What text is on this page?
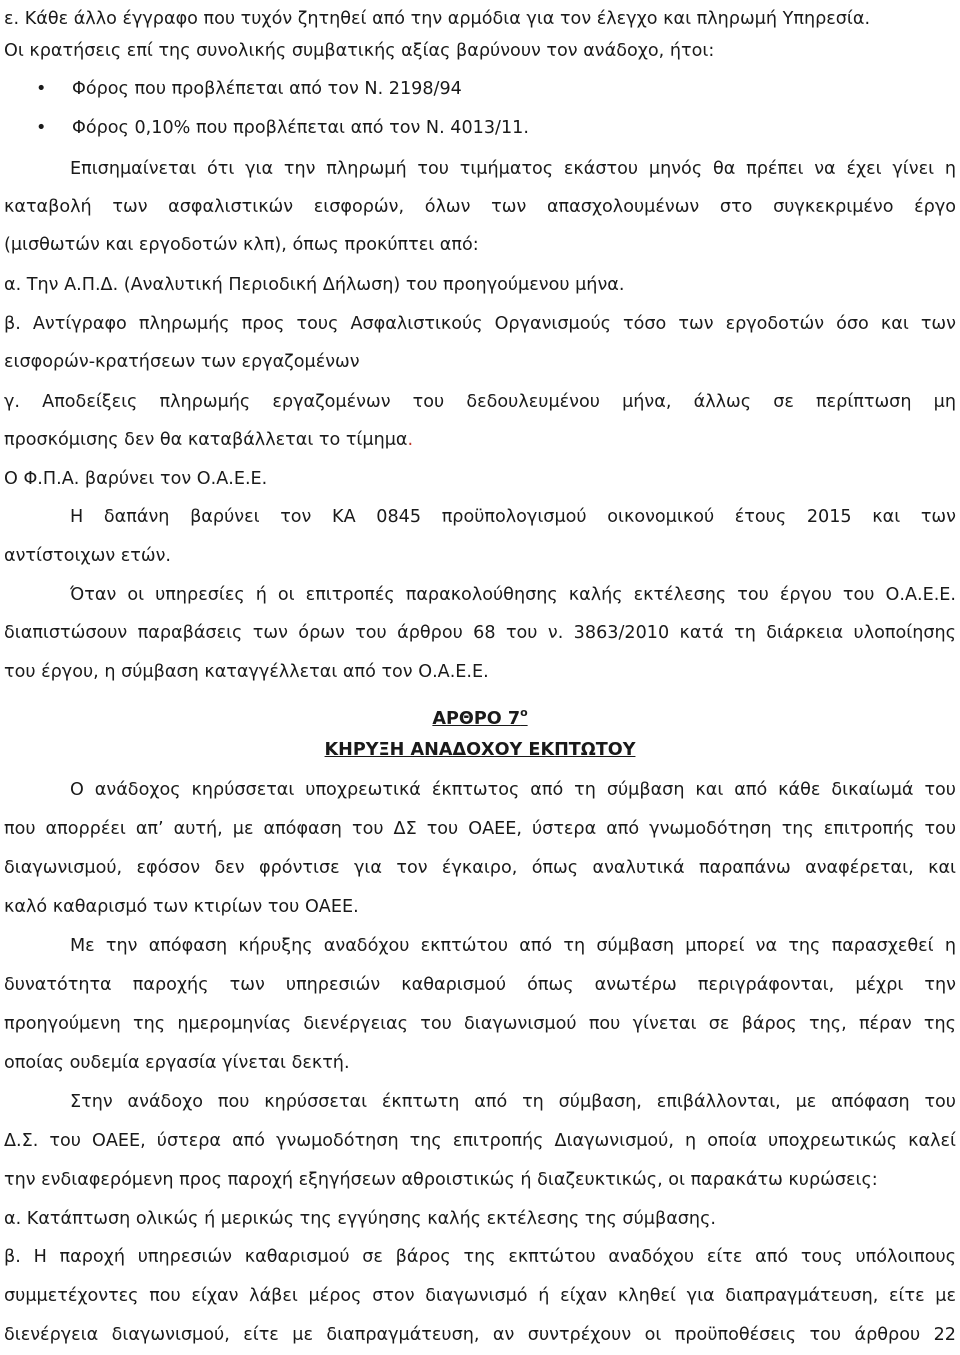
ε. Κάθε άλλο έγγραφο που τυχόν ζητηθεί από την αρμόδια για τον έλεγχο και πληρωμή Υπηρεσία.
Οι κρατήσεις επί της συνολικής συμβατικής αξίας βαρύνουν τον ανάδοχο, ήτοι:
• Φόρος που προβλέπεται από τον Ν. 2198/94
• Φόρος 0,10% που προβλέπεται από τον Ν. 4013/11.
Επισημαίνεται ότι για την πληρωμή του τιμήματος εκάστου μηνός θα πρέπει να έχει γίνει η
καταβολή των ασφαλιστικών εισφορών, όλων των απασχολουμένων στο συγκεκριμένο έργο
(μισθωτών και εργοδοτών κλπ), όπως προκύπτει από:
α. Την Α.Π.Δ. (Αναλυτική Περιοδική Δήλωση) του προηγούμενου μήνα.
β. Αντίγραφο πληρωμής προς τους Ασφαλιστικούς Οργανισμούς τόσο των εργοδοτών όσο και των
εισφορών-κρατήσεων των εργαζομένων
γ. Αποδείξεις πληρωμής εργαζομένων του δεδουλευμένου μήνα, άλλως σε περίπτωση μη
προσκόμισης δεν θα καταβάλλεται το τίμημα.
Ο Φ.Π.Α. βαρύνει τον Ο.Α.Ε.Ε.
Η δαπάνη βαρύνει τον ΚΑ 0845 προϋπολογισμού οικονομικού έτους 2015 και των
αντίστοιχων ετών.
Όταν οι υπηρεσίες ή οι επιτροπές παρακολούθησης καλής εκτέλεσης του έργου του Ο.Α.Ε.Ε.
διαπιστώσουν παραβάσεις των όρων του άρθρου 68 του ν. 3863/2010 κατά τη διάρκεια υλοποίησης
του έργου, η σύμβαση καταγγέλλεται από τον Ο.Α.Ε.Ε.
ΑΡΘΡΟ $7^o$
ΚΗΡΥΞΗ ΑΝΑΔΟΧΟΥ ΕΚΠΤΩΤΟΥ
Ο ανάδοχος κηρύσσεται υποχρεωτικά έκπτωτος από τη σύμβαση και από κάθε δικαίωμά του
που απορρέει απ’ αυτή, με απόφαση του ΔΣ του ΟΑΕΕ, ύστερα από γνωμοδότηση της επιτροπής του
διαγωνισμού, εφόσον δεν φρόντισε για τον έγκαιρο, όπως αναλυτικά παραπάνω αναφέρεται, και
καλό καθαρισμό των κτιρίων του ΟΑΕΕ.
Με την απόφαση κήρυξης αναδόχου εκπτώτου από τη σύμβαση μπορεί να της παρασχεθεί η
δυνατότητα παροχής των υπηρεσιών καθαρισμού όπως ανωτέρω περιγράφονται, μέχρι την
προηγούμενη της ημερομηνίας διενέργειας του διαγωνισμού που γίνεται σε βάρος της, πέραν της
οποίας ουδεμία εργασία γίνεται δεκτή.
Στην ανάδοχο που κηρύσσεται έκπτωτη από τη σύμβαση, επιβάλλονται, με απόφαση του
Δ.Σ. του ΟΑΕΕ, ύστερα από γνωμοδότηση της επιτροπής Διαγωνισμού, η οποία υποχρεωτικώς καλεί
την ενδιαφερόμενη προς παροχή εξηγήσεων αθροιστικώς ή διαζευκτικώς, οι παρακάτω κυρώσεις:
α. Κατάπτωση ολικώς ή μερικώς της εγγύησης καλής εκτέλεσης της σύμβασης.
β. Η παροχή υπηρεσιών καθαρισμού σε βάρος της εκπτώτου αναδόχου είτε από τους υπόλοιπους
συμμετέχοντες που είχαν λάβει μέρος στον διαγωνισμό ή είχαν κληθεί για διαπραγμάτευση, είτε με
διενέργεια διαγωνισμού, είτε με διαπραγμάτευση, αν συντρέχουν οι προϋποθέσεις του άρθρου 22
